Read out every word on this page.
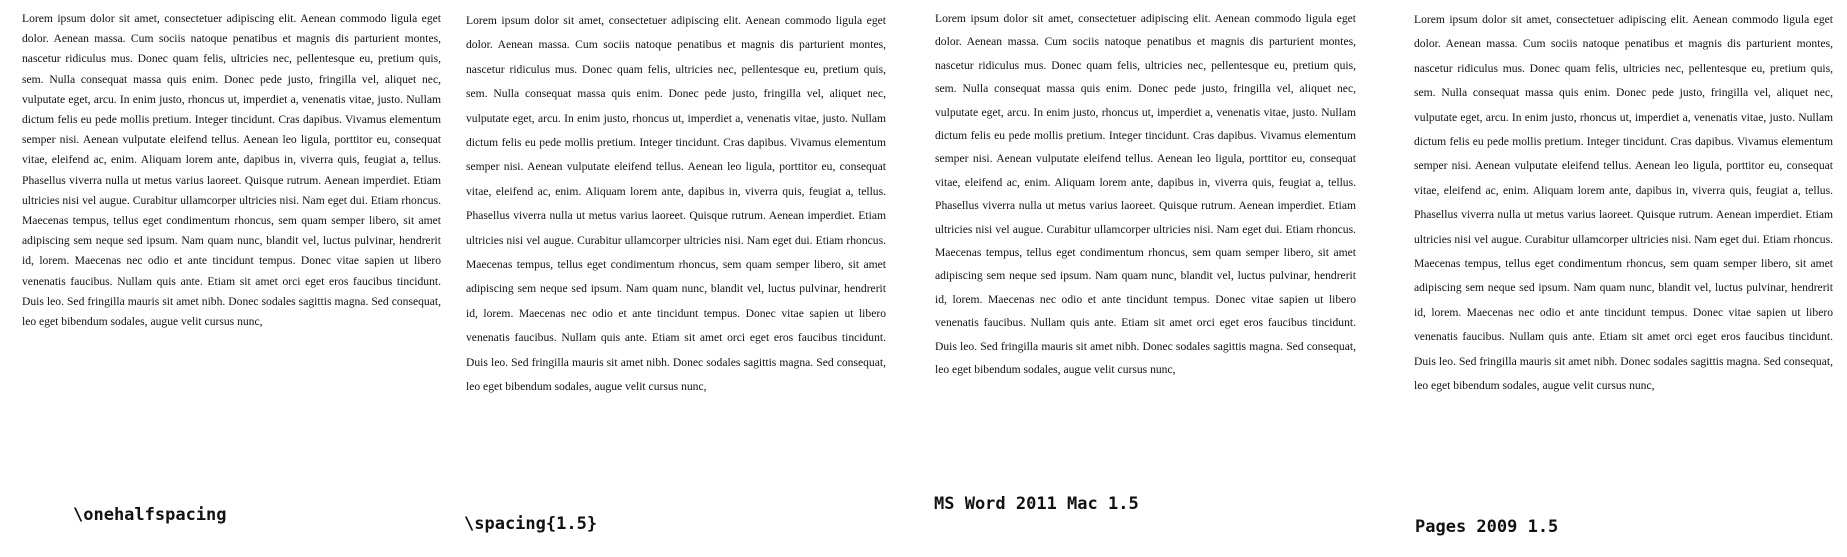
Lorem ipsum dolor sit amet, consectetuer adipiscing elit. Aenean commodo ligula eget dolor. Aenean massa. Cum sociis natoque penatibus et magnis dis parturient montes, nascetur ridiculus mus. Donec quam felis, ultricies nec, pellentesque eu, pretium quis, sem. Nulla consequat massa quis enim. Donec pede justo, fringilla vel, aliquet nec, vulputate eget, arcu. In enim justo, rhoncus ut, imperdiet a, venenatis vitae, justo. Nullam dictum felis eu pede mollis pretium. Integer tincidunt. Cras dapibus. Vivamus elementum semper nisi. Aenean vulputate eleifend tellus. Aenean leo ligula, porttitor eu, consequat vitae, eleifend ac, enim. Aliquam lorem ante, dapibus in, viverra quis, feugiat a, tellus. Phasellus viverra nulla ut metus varius laoreet. Quisque rutrum. Aenean imperdiet. Etiam ultricies nisi vel augue. Curabitur ullamcorper ultricies nisi. Nam eget dui. Etiam rhoncus. Maecenas tempus, tellus eget condimentum rhoncus, sem quam semper libero, sit amet adipiscing sem neque sed ipsum. Nam quam nunc, blandit vel, luctus pulvinar, hendrerit id, lorem. Maecenas nec odio et ante tincidunt tempus. Donec vitae sapien ut libero venenatis faucibus. Nullam quis ante. Etiam sit amet orci eget eros faucibus tincidunt. Duis leo. Sed fringilla mauris sit amet nibh. Donec sodales sagittis magna. Sed consequat, leo eget bibendum sodales, augue velit cursus nunc,

\onehalfspacing

Lorem ipsum dolor sit amet, consectetuer adipiscing elit. Aenean commodo ligula eget dolor. Aenean massa. Cum sociis natoque penatibus et magnis dis parturient montes, nascetur ridiculus mus. Donec quam felis, ultricies nec, pellentesque eu, pretium quis, sem. Nulla consequat massa quis enim. Donec pede justo, fringilla vel, aliquet nec, vulputate eget, arcu. In enim justo, rhoncus ut, imperdiet a, venenatis vitae, justo. Nullam dictum felis eu pede mollis pretium. Integer tincidunt. Cras dapibus. Vivamus elementum semper nisi. Aenean vulputate eleifend tellus. Aenean leo ligula, porttitor eu, consequat vitae, eleifend ac, enim. Aliquam lorem ante, dapibus in, viverra quis, feugiat a, tellus. Phasellus viverra nulla ut metus varius laoreet. Quisque rutrum. Aenean imperdiet. Etiam ultricies nisi vel augue. Curabitur ullamcorper ultricies nisi. Nam eget dui. Etiam rhoncus. Maecenas tempus, tellus eget condimentum rhoncus, sem quam semper libero, sit amet adipiscing sem neque sed ipsum. Nam quam nunc, blandit vel, luctus pulvinar, hendrerit id, lorem. Maecenas nec odio et ante tincidunt tempus. Donec vitae sapien ut libero venenatis faucibus. Nullam quis ante. Etiam sit amet orci eget eros faucibus tincidunt. Duis leo. Sed fringilla mauris sit amet nibh. Donec sodales sagittis magna. Sed consequat, leo eget bibendum sodales, augue velit cursus nunc,

\spacing{1.5}

Lorem ipsum dolor sit amet, consectetuer adipiscing elit. Aenean commodo ligula eget dolor. Aenean massa. Cum sociis natoque penatibus et magnis dis parturient montes, nascetur ridiculus mus. Donec quam felis, ultricies nec, pellentesque eu, pretium quis, sem. Nulla consequat massa quis enim. Donec pede justo, fringilla vel, aliquet nec, vulputate eget, arcu. In enim justo, rhoncus ut, imperdiet a, venenatis vitae, justo. Nullam dictum felis eu pede mollis pretium. Integer tincidunt. Cras dapibus. Vivamus elementum semper nisi. Aenean vulputate eleifend tellus. Aenean leo ligula, porttitor eu, consequat vitae, eleifend ac, enim. Aliquam lorem ante, dapibus in, viverra quis, feugiat a, tellus. Phasellus viverra nulla ut metus varius laoreet. Quisque rutrum. Aenean imperdiet. Etiam ultricies nisi vel augue. Curabitur ullamcorper ultricies nisi. Nam eget dui. Etiam rhoncus. Maecenas tempus, tellus eget condimentum rhoncus, sem quam semper libero, sit amet adipiscing sem neque sed ipsum. Nam quam nunc, blandit vel, luctus pulvinar, hendrerit id, lorem. Maecenas nec odio et ante tincidunt tempus. Donec vitae sapien ut libero venenatis faucibus. Nullam quis ante. Etiam sit amet orci eget eros faucibus tincidunt. Duis leo. Sed fringilla mauris sit amet nibh. Donec sodales sagittis magna. Sed consequat, leo eget bibendum sodales, augue velit cursus nunc,

MS Word 2011 Mac 1.5

Lorem ipsum dolor sit amet, consectetuer adipiscing elit. Aenean commodo ligula eget dolor. Aenean massa. Cum sociis natoque penatibus et magnis dis parturient montes, nascetur ridiculus mus. Donec quam felis, ultricies nec, pellentesque eu, pretium quis, sem. Nulla consequat massa quis enim. Donec pede justo, fringilla vel, aliquet nec, vulputate eget, arcu. In enim justo, rhoncus ut, imperdiet a, venenatis vitae, justo. Nullam dictum felis eu pede mollis pretium. Integer tincidunt. Cras dapibus. Vivamus elementum semper nisi. Aenean vulputate eleifend tellus. Aenean leo ligula, porttitor eu, consequat vitae, eleifend ac, enim. Aliquam lorem ante, dapibus in, viverra quis, feugiat a, tellus. Phasellus viverra nulla ut metus varius laoreet. Quisque rutrum. Aenean imperdiet. Etiam ultricies nisi vel augue. Curabitur ullamcorper ultricies nisi. Nam eget dui. Etiam rhoncus. Maecenas tempus, tellus eget condimentum rhoncus, sem quam semper libero, sit amet adipiscing sem neque sed ipsum. Nam quam nunc, blandit vel, luctus pulvinar, hendrerit id, lorem. Maecenas nec odio et ante tincidunt tempus. Donec vitae sapien ut libero venenatis faucibus. Nullam quis ante. Etiam sit amet orci eget eros faucibus tincidunt. Duis leo. Sed fringilla mauris sit amet nibh. Donec sodales sagittis magna. Sed consequat, leo eget bibendum sodales, augue velit cursus nunc,

Pages 2009 1.5
